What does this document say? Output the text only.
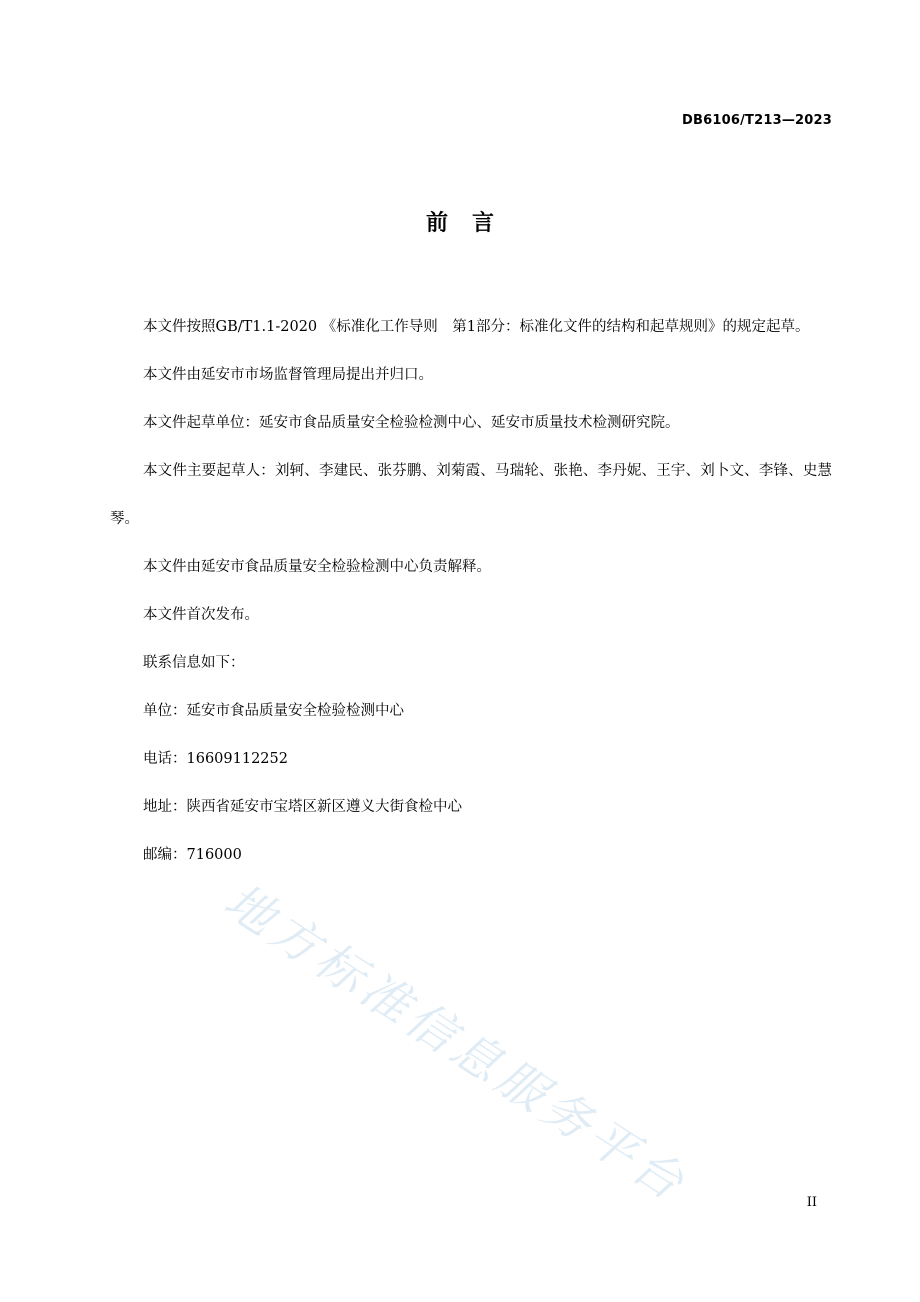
DB6106/T213—2023
前言

本文件按照GB/T1.1-2020 《标准化工作导则　第1部分：标准化文件的结构和起草规则》的规定起草。

本文件由延安市市场监督管理局提出并归口。

本文件起草单位：延安市食品质量安全检验检测中心、延安市质量技术检测研究院。

本文件主要起草人：刘轲、李建民、张芬鹏、刘菊霞、马瑞轮、张艳、李丹妮、王宇、刘卜文、李锋、史慧琴。

本文件由延安市食品质量安全检验检测中心负责解释。

本文件首次发布。

联系信息如下：

单位：延安市食品质量安全检验检测中心

电话：16609112252

地址：陕西省延安市宝塔区新区遵义大街食检中心

邮编：716000

地方标准信息服务平台	II
